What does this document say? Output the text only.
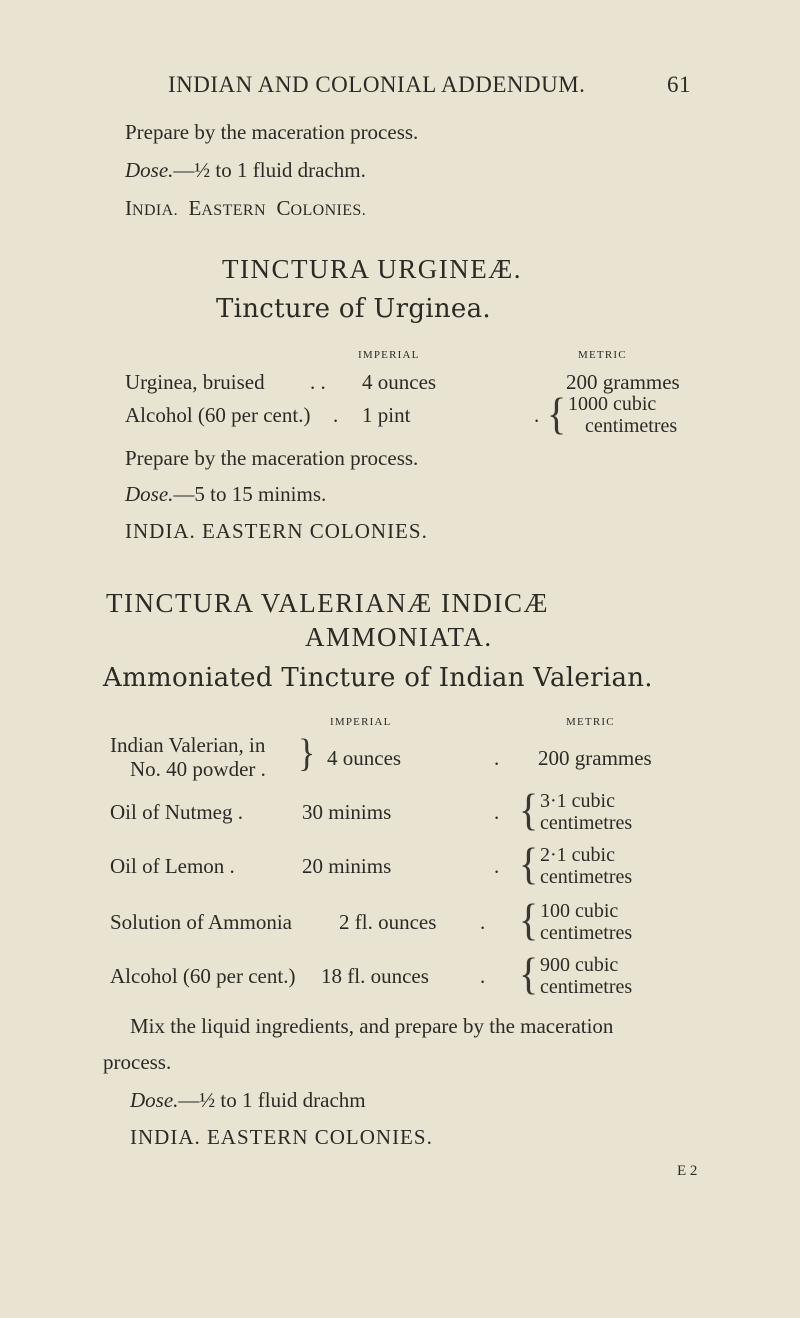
INDIAN AND COLONIAL ADDENDUM.	61
Prepare by the maceration process.
Dose.—½ to 1 fluid drachm.
INDIA. EASTERN COLONIES.
TINCTURA URGINEÆ.
Tincture of Urginea.
IMPERIAL	METRIC
Urginea, bruised . . 4 ounces	200 grammes
Alcohol (60 per cent.) . 1 pint	. { 1000 cubic
centimetres
Prepare by the maceration process.
Dose.—5 to 15 minims.
INDIA. EASTERN COLONIES.
TINCTURA VALERIANÆ INDICÆ
AMMONIATA.
Ammoniated Tincture of Indian Valerian.
IMPERIAL	METRIC
Indian Valerian, in
No. 40 powder . } 4 ounces	. 200 grammes
Oil of Nutmeg .	30 minims	. { 3·1 cubic
centimetres
Oil of Lemon .	20 minims	. { 2·1 cubic
centimetres
Solution of Ammonia 2 fl. ounces . { 100 cubic
centimetres
Alcohol (60 per cent.) 18 fl. ounces . { 900 cubic
centimetres
Mix the liquid ingredients, and prepare by the maceration
process.
Dose.—½ to 1 fluid drachm
INDIA. EASTERN COLONIES.
E 2
